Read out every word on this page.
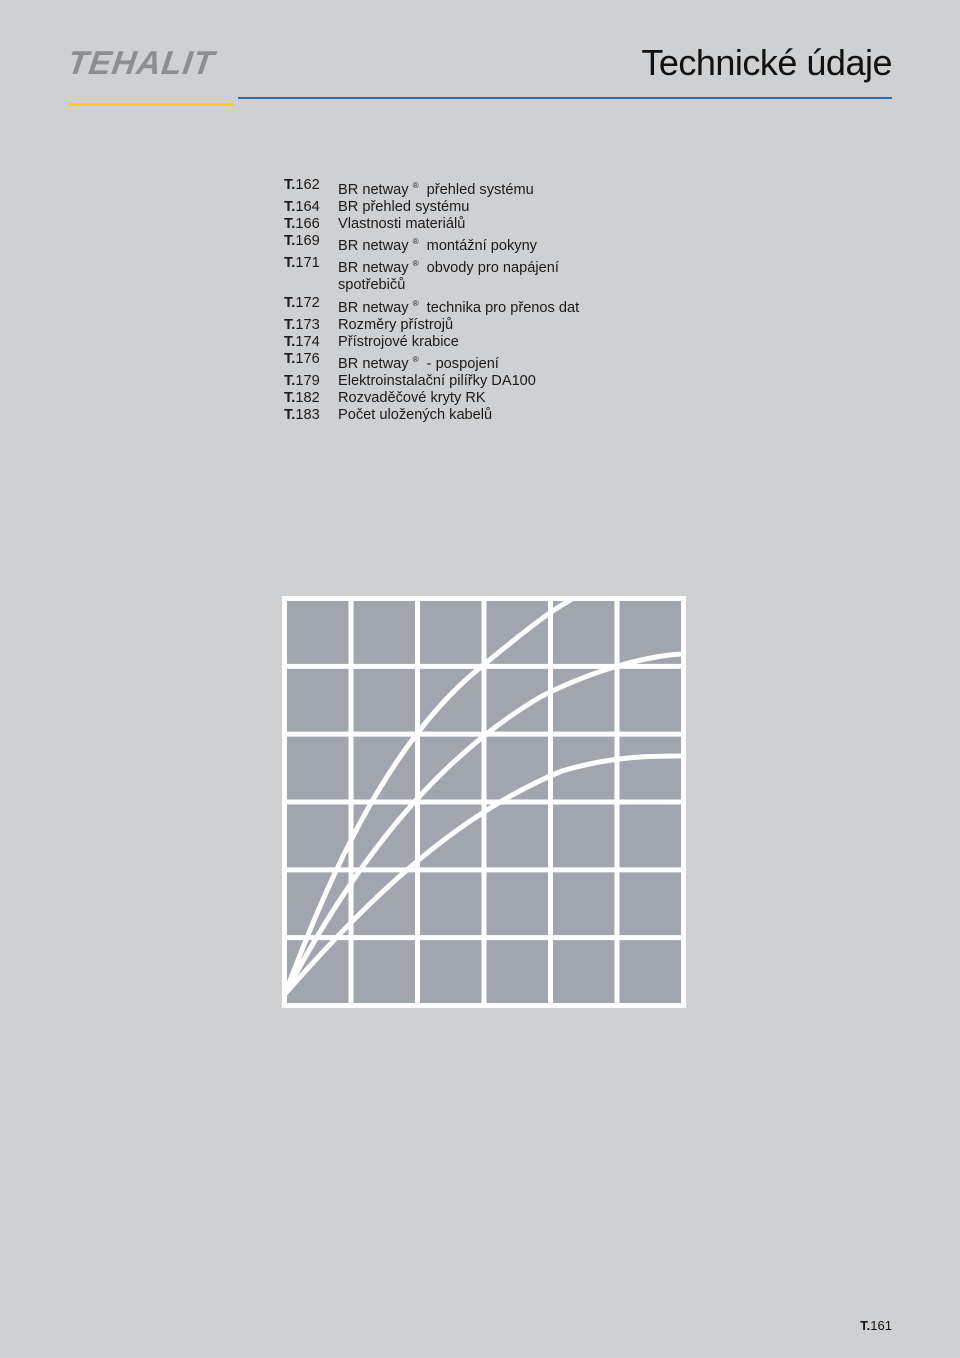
TEHALIT	Technické údaje
T.162	BR netway ® přehled systému
T.164	BR přehled systému
T.166	Vlastnosti materiálů
T.169	BR netway ® montážní pokyny
T.171	BR netway ® obvody pro napájení
spotřebičů
T.172	BR netway ® technika pro přenos dat
T.173	Rozměry přístrojů
T.174	Přístrojové krabice
T.176	BR netway ® - pospojení
T.179	Elektroinstalační pilířky DA100
T.182	Rozvaděčové kryty RK
T.183	Počet uložených kabelů
T.161
